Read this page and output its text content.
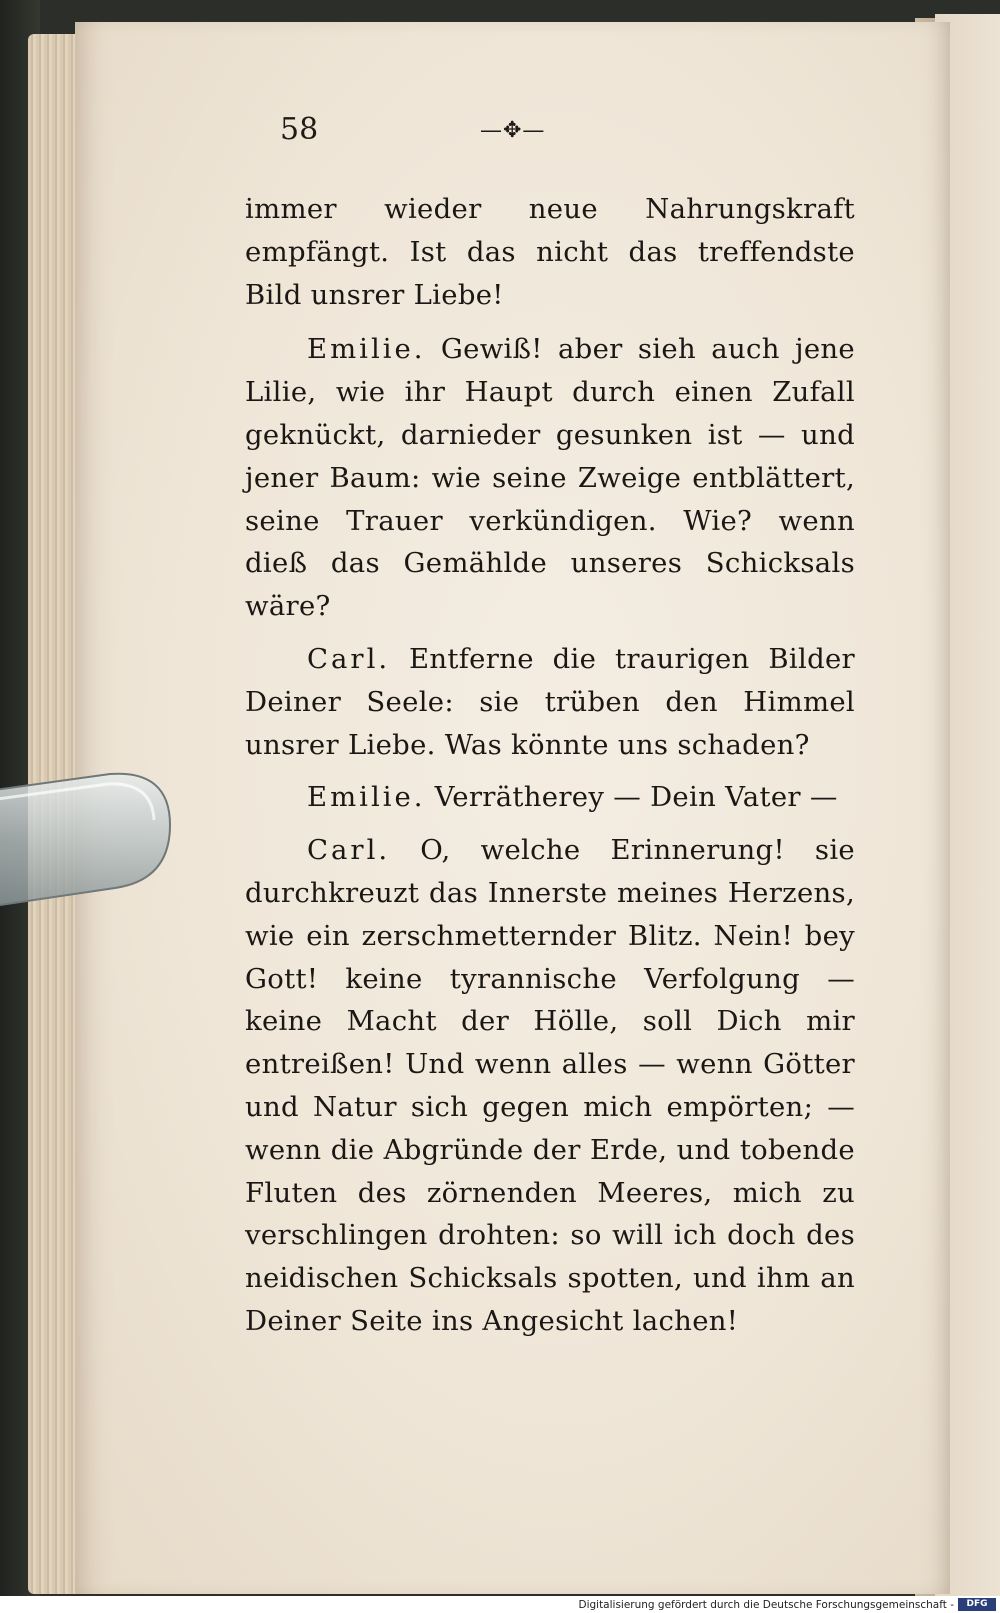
58	—✥—

immer wieder neue Nahrungskraft empfängt. Ist das nicht das treffendste Bild unsrer Liebe!

Emilie. Gewiß! aber sieh auch jene Lilie, wie ihr Haupt durch einen Zufall geknückt, darnieder gesunken ist — und jener Baum: wie seine Zweige entblättert, seine Trauer verkündigen. Wie? wenn dieß das Gemählde unseres Schicksals wäre?

Carl. Entferne die traurigen Bilder Deiner Seele: sie trüben den Himmel unsrer Liebe. Was könnte uns schaden?

Emilie. Verrätherey — Dein Vater —

Carl. O, welche Erinnerung! sie durchkreuzt das Innerste meines Herzens, wie ein zerschmetternder Blitz. Nein! bey Gott! keine tyrannische Verfolgung — keine Macht der Hölle, soll Dich mir entreißen! Und wenn alles — wenn Götter und Natur sich gegen mich empörten; — wenn die Abgründe der Erde, und tobende Fluten des zörnenden Meeres, mich zu verschlingen drohten: so will ich doch des neidischen Schicksals spotten, und ihm an Deiner Seite ins Angesicht lachen!

Digitalisierung gefördert durch die Deutsche Forschungsgemeinschaft -	DFG
